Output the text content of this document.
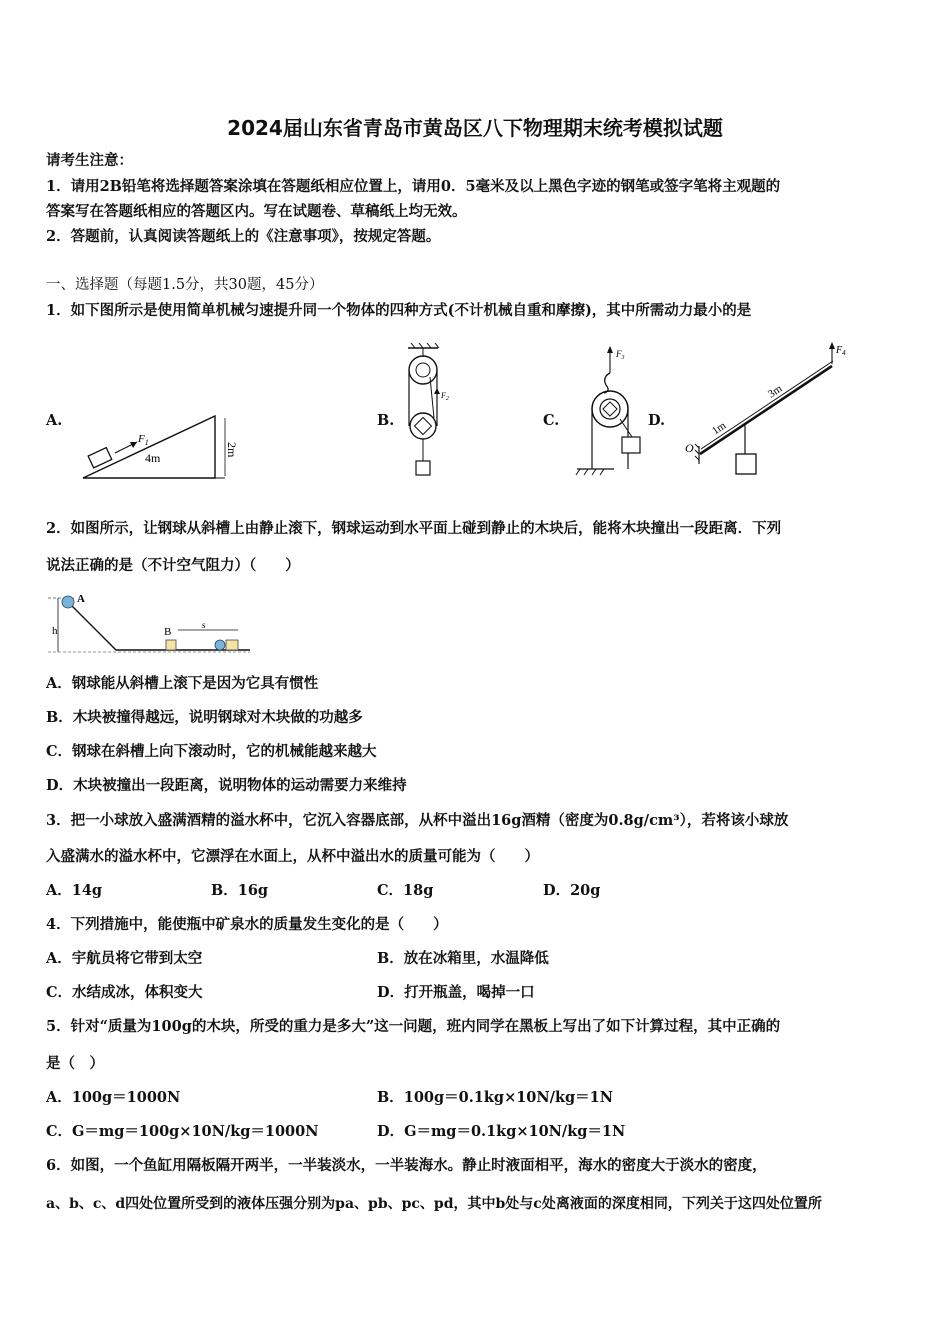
2024届山东省青岛市黄岛区八下物理期末统考模拟试题
请考生注意：
1．请用2B铅笔将选择题答案涂填在答题纸相应位置上，请用0．5毫米及以上黑色字迹的钢笔或签字笔将主观题的
答案写在答题纸相应的答题区内。写在试题卷、草稿纸上均无效。
2．答题前，认真阅读答题纸上的《注意事项》，按规定答题。
一、选择题（每题1.5分，共30题，45分）
1．如下图所示是使用简单机械匀速提升同一个物体的四种方式(不计机械自重和摩擦)，其中所需动力最小的是
A.	B.	C.	D.
$F_1$
4m
2m
$F_2$
$F_3$
O
$F_4$
1m
3m
2．如图所示，让钢球从斜槽上由静止滚下，钢球运动到水平面上碰到静止的木块后，能将木块撞出一段距离．下列
说法正确的是（不计空气阻力）（　　）
h
A
B
s
A．钢球能从斜槽上滚下是因为它具有惯性
B．木块被撞得越远，说明钢球对木块做的功越多
C．钢球在斜槽上向下滚动时，它的机械能越来越大
D．木块被撞出一段距离，说明物体的运动需要力来维持
3．把一小球放入盛满酒精的溢水杯中，它沉入容器底部，从杯中溢出16g酒精（密度为0.8g/cm³），若将该小球放
入盛满水的溢水杯中，它漂浮在水面上，从杯中溢出水的质量可能为（　　）
A．14g	B．16g	C．18g	D．20g
4．下列措施中，能使瓶中矿泉水的质量发生变化的是（　　）
A．宇航员将它带到太空	B．放在冰箱里，水温降低
C．水结成冰，体积变大	D．打开瓶盖，喝掉一口
5．针对“质量为100g的木块，所受的重力是多大”这一问题，班内同学在黑板上写出了如下计算过程，其中正确的
是（　）
A．100g＝1000N	B．100g＝0.1kg×10N/kg＝1N
C．G＝mg＝100g×10N/kg＝1000N	D．G＝mg＝0.1kg×10N/kg＝1N
6．如图，一个鱼缸用隔板隔开两半，一半装淡水，一半装海水。静止时液面相平，海水的密度大于淡水的密度，
a、b、c、d四处位置所受到的液体压强分别为pa、pb、pc、pd，其中b处与c处离液面的深度相同，下列关于这四处位置所
